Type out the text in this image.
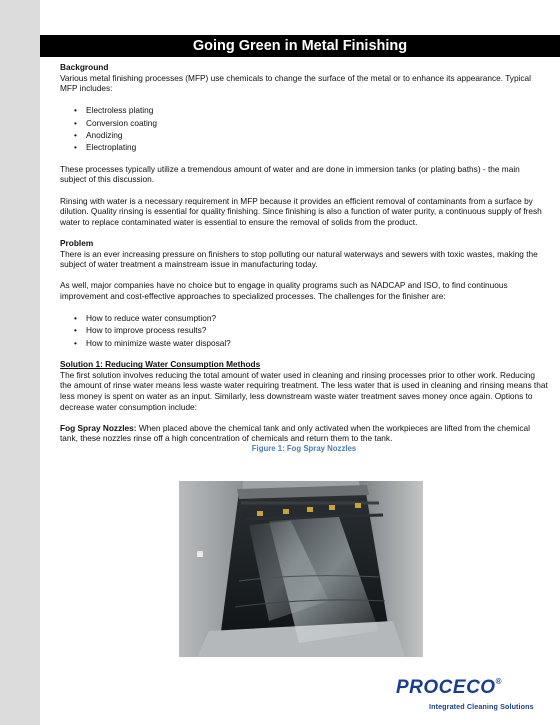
Going Green in Metal Finishing

Background

Various metal finishing processes (MFP) use chemicals to change the surface of the metal or to enhance its appearance. Typical MFP includes:

• Electroless plating
• Conversion coating
• Anodizing
• Electroplating

These processes typically utilize a tremendous amount of water and are done in immersion tanks (or plating baths) - the main subject of this discussion.

Rinsing with water is a necessary requirement in MFP because it provides an efficient removal of contaminants from a surface by dilution. Quality rinsing is essential for quality finishing. Since finishing is also a function of water purity, a continuous supply of fresh water to replace contaminated water is essential to ensure the removal of solids from the product.

Problem

There is an ever increasing pressure on finishers to stop polluting our natural waterways and sewers with toxic wastes, making the subject of water treatment a mainstream issue in manufacturing today.

As well, major companies have no choice but to engage in quality programs such as NADCAP and ISO, to find continuous improvement and cost-effective approaches to specialized processes. The challenges for the finisher are:

• How to reduce water consumption?
• How to improve process results?
• How to minimize waste water disposal?

Solution 1: Reducing Water Consumption Methods

The first solution involves reducing the total amount of water used in cleaning and rinsing processes prior to other work. Reducing the amount of rinse water means less waste water requiring treatment. The less water that is used in cleaning and rinsing means that less money is spent on water as an input. Similarly, less downstream waste water treatment saves money once again. Options to decrease water consumption include:

Fog Spray Nozzles: When placed above the chemical tank and only activated when the workpieces are lifted from the chemical tank, these nozzles rinse off a high concentration of chemicals and return them to the tank.

Figure 1: Fog Spray Nozzles

PROCECO®
Integrated Cleaning Solutions
